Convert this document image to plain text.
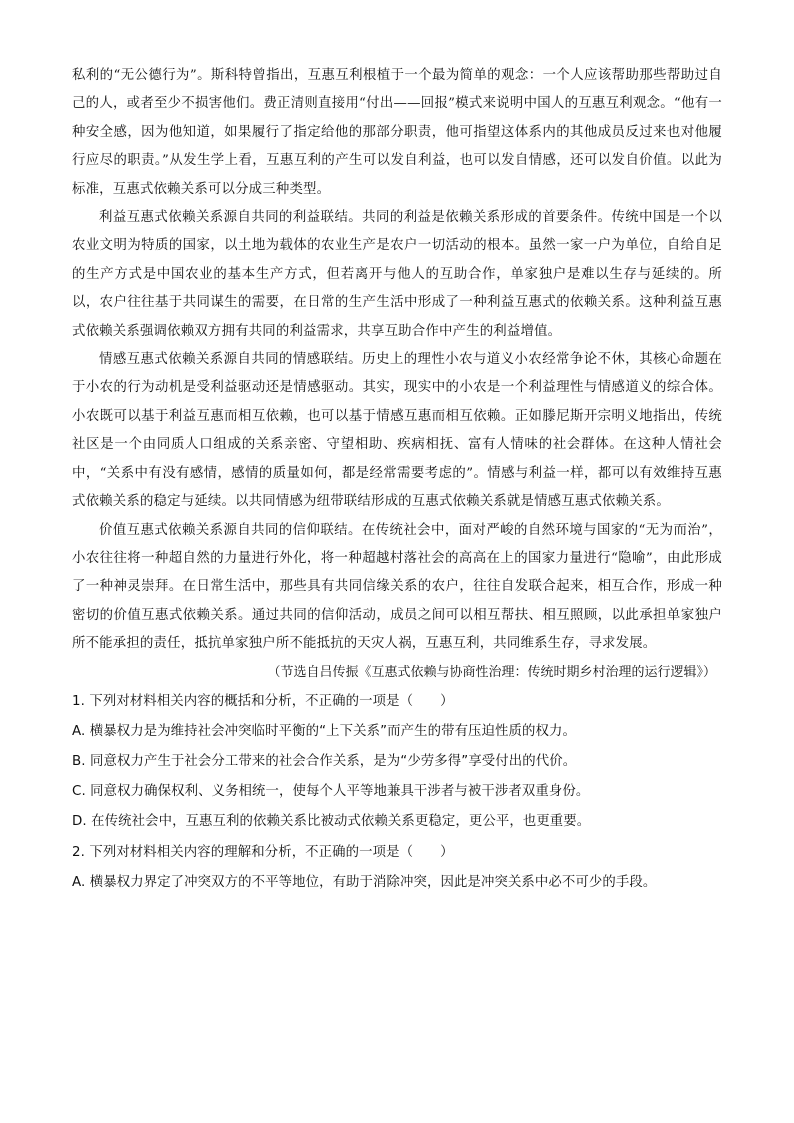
私利的“无公德行为”。斯科特曾指出，互惠互利根植于一个最为简单的观念：一个人应该帮助那些帮助过自己的人，或者至少不损害他们。费正清则直接用“付出——回报”模式来说明中国人的互惠互利观念。“他有一种安全感，因为他知道，如果履行了指定给他的那部分职责，他可指望这体系内的其他成员反过来也对他履行应尽的职责。”从发生学上看，互惠互利的产生可以发自利益，也可以发自情感，还可以发自价值。以此为标准，互惠式依赖关系可以分成三种类型。

利益互惠式依赖关系源自共同的利益联结。共同的利益是依赖关系形成的首要条件。传统中国是一个以农业文明为特质的国家，以土地为载体的农业生产是农户一切活动的根本。虽然一家一户为单位，自给自足的生产方式是中国农业的基本生产方式，但若离开与他人的互助合作，单家独户是难以生存与延续的。所以，农户往往基于共同谋生的需要，在日常的生产生活中形成了一种利益互惠式的依赖关系。这种利益互惠式依赖关系强调依赖双方拥有共同的利益需求，共享互助合作中产生的利益增值。

情感互惠式依赖关系源自共同的情感联结。历史上的理性小农与道义小农经常争论不休，其核心命题在于小农的行为动机是受利益驱动还是情感驱动。其实，现实中的小农是一个利益理性与情感道义的综合体。小农既可以基于利益互惠而相互依赖，也可以基于情感互惠而相互依赖。正如滕尼斯开宗明义地指出，传统社区是一个由同质人口组成的关系亲密、守望相助、疾病相抚、富有人情味的社会群体。在这种人情社会中，“关系中有没有感情，感情的质量如何，都是经常需要考虑的”。情感与利益一样，都可以有效维持互惠式依赖关系的稳定与延续。以共同情感为纽带联结形成的互惠式依赖关系就是情感互惠式依赖关系。

价值互惠式依赖关系源自共同的信仰联结。在传统社会中，面对严峻的自然环境与国家的“无为而治”，小农往往将一种超自然的力量进行外化，将一种超越村落社会的高高在上的国家力量进行“隐喻”，由此形成了一种神灵崇拜。在日常生活中，那些具有共同信缘关系的农户，往往自发联合起来，相互合作，形成一种密切的价值互惠式依赖关系。通过共同的信仰活动，成员之间可以相互帮扶、相互照顾，以此承担单家独户所不能承担的责任，抵抗单家独户所不能抵抗的天灾人祸，互惠互利，共同维系生存，寻求发展。

（节选自吕传振《互惠式依赖与协商性治理：传统时期乡村治理的运行逻辑》）

1. 下列对材料相关内容的概括和分析，不正确的一项是（　　）

A. 横暴权力是为维持社会冲突临时平衡的“上下关系”而产生的带有压迫性质的权力。

B. 同意权力产生于社会分工带来的社会合作关系，是为“少劳多得”享受付出的代价。

C. 同意权力确保权利、义务相统一，使每个人平等地兼具干涉者与被干涉者双重身份。

D. 在传统社会中，互惠互利的依赖关系比被动式依赖关系更稳定，更公平，也更重要。

2. 下列对材料相关内容的理解和分析，不正确的一项是（　　）

A. 横暴权力界定了冲突双方的不平等地位，有助于消除冲突，因此是冲突关系中必不可少的手段。
